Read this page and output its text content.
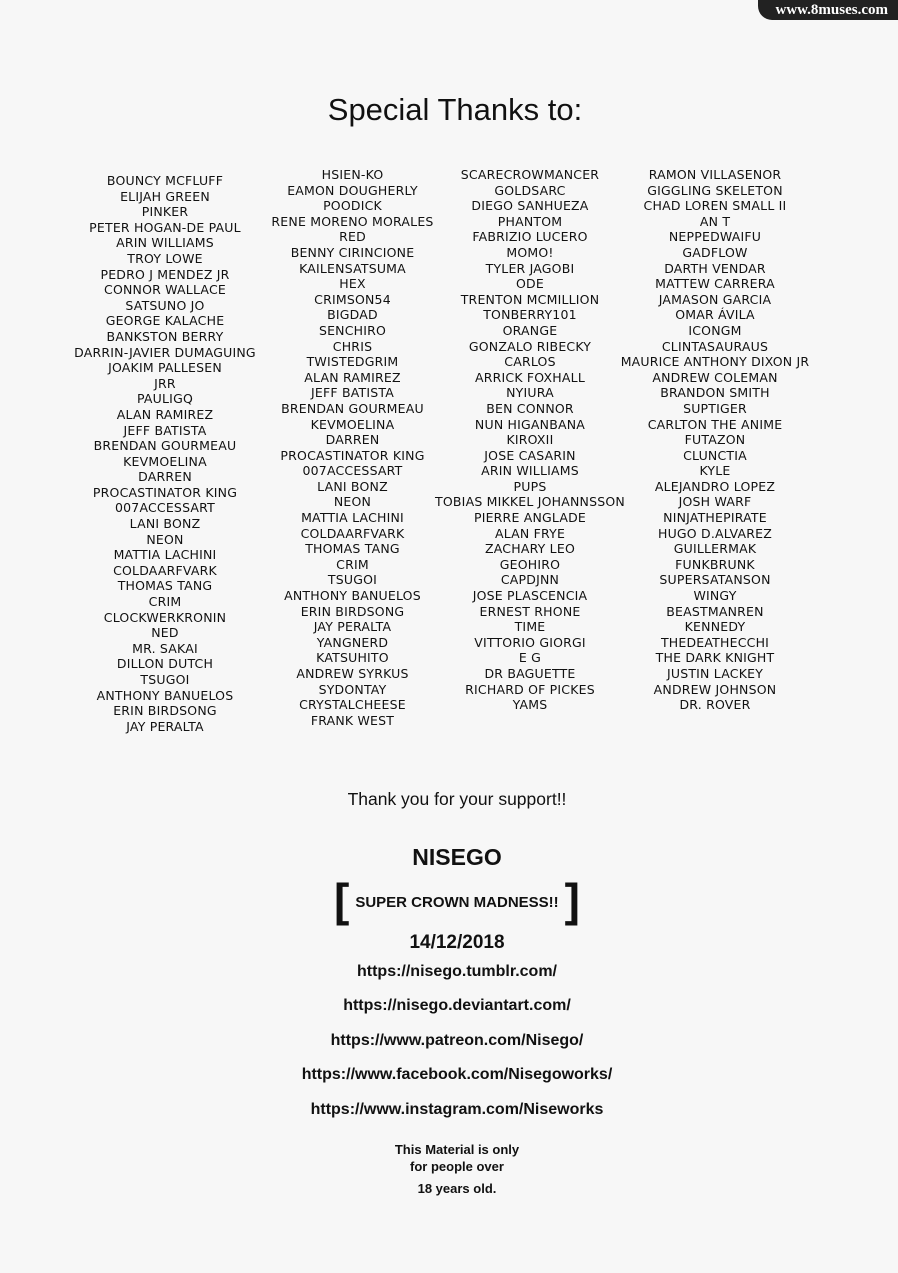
www.8muses.com
Special Thanks to:
BOUNCY MCFLUFF
ELIJAH GREEN
PINKER
PETER HOGAN-DE PAUL
ARIN WILLIAMS
TROY LOWE
PEDRO J MENDEZ JR
CONNOR WALLACE
SATSUNO JO
GEORGE KALACHE
BANKSTON BERRY
DARRIN-JAVIER DUMAGUING
JOAKIM PALLESEN
JRR
PAULIGQ
ALAN RAMIREZ
JEFF BATISTA
BRENDAN GOURMEAU
KEVMOELINA
DARREN
PROCASTINATOR KING
007ACCESSART
LANI BONZ
NEON
MATTIA LACHINI
COLDAARFVARK
THOMAS TANG
CRIM
CLOCKWERKRONIN
NED
MR. SAKAI
DILLON DUTCH
TSUGOI
ANTHONY BANUELOS
ERIN BIRDSONG
JAY PERALTA
HSIEN-KO
EAMON DOUGHERLY
POODICK
RENE MORENO MORALES
RED
BENNY CIRINCIONE
KAILENSATSUMA
HEX
CRIMSON54
BIGDAD
SENCHIRO
CHRIS
TWISTEDGRIM
ALAN RAMIREZ
JEFF BATISTA
BRENDAN GOURMEAU
KEVMOELINA
DARREN
PROCASTINATOR KING
007ACCESSART
LANI BONZ
NEON
MATTIA LACHINI
COLDAARFVARK
THOMAS TANG
CRIM
TSUGOI
ANTHONY BANUELOS
ERIN BIRDSONG
JAY PERALTA
YANGNERD
KATSUHITO
ANDREW SYRKUS
SYDONTAY
CRYSTALCHEESE
FRANK WEST
SCARECROWMANCER
GOLDSARC
DIEGO SANHUEZA
PHANTOM
FABRIZIO LUCERO
MOMO!
TYLER JAGOBI
ODE
TRENTON MCMILLION
TONBERRY101
ORANGE
GONZALO RIBECKY
CARLOS
ARRICK FOXHALL
NYIURA
BEN CONNOR
NUN HIGANBANA
KIROXII
JOSE CASARIN
ARIN WILLIAMS
PUPS
TOBIAS MIKKEL JOHANNSSON
PIERRE ANGLADE
ALAN FRYE
ZACHARY LEO
GEOHIRO
CAPDJNN
JOSE PLASCENCIA
ERNEST RHONE
TIME
VITTORIO GIORGI
E G
DR BAGUETTE
RICHARD OF PICKES
YAMS
RAMON VILLASENOR
GIGGLING SKELETON
CHAD LOREN SMALL II
AN T
NEPPEDWAIFU
GADFLOW
DARTH VENDAR
MATTEW CARRERA
JAMASON GARCIA
OMAR ÁVILA
ICONGM
CLINTASAURAUS
MAURICE ANTHONY DIXON JR
ANDREW COLEMAN
BRANDON SMITH
SUPTIGER
CARLTON THE ANIME
FUTAZON
CLUNCTIA
KYLE
ALEJANDRO LOPEZ
JOSH WARF
NINJATHEPIRATE
HUGO D.ALVAREZ
GUILLERMAK
FUNKBRUNK
SUPERSATANSON
WINGY
BEASTMANREN
KENNEDY
THEDEATHECCHI
THE DARK KNIGHT
JUSTIN LACKEY
ANDREW JOHNSON
DR. ROVER
Thank you for your support!!
NISEGO
[ SUPER CROWN MADNESS!! ]
14/12/2018
https://nisego.tumblr.com/
https://nisego.deviantart.com/
https://www.patreon.com/Nisego/
https://www.facebook.com/Nisegoworks/
https://www.instagram.com/Niseworks
This Material is only
for people over
18 years old.
